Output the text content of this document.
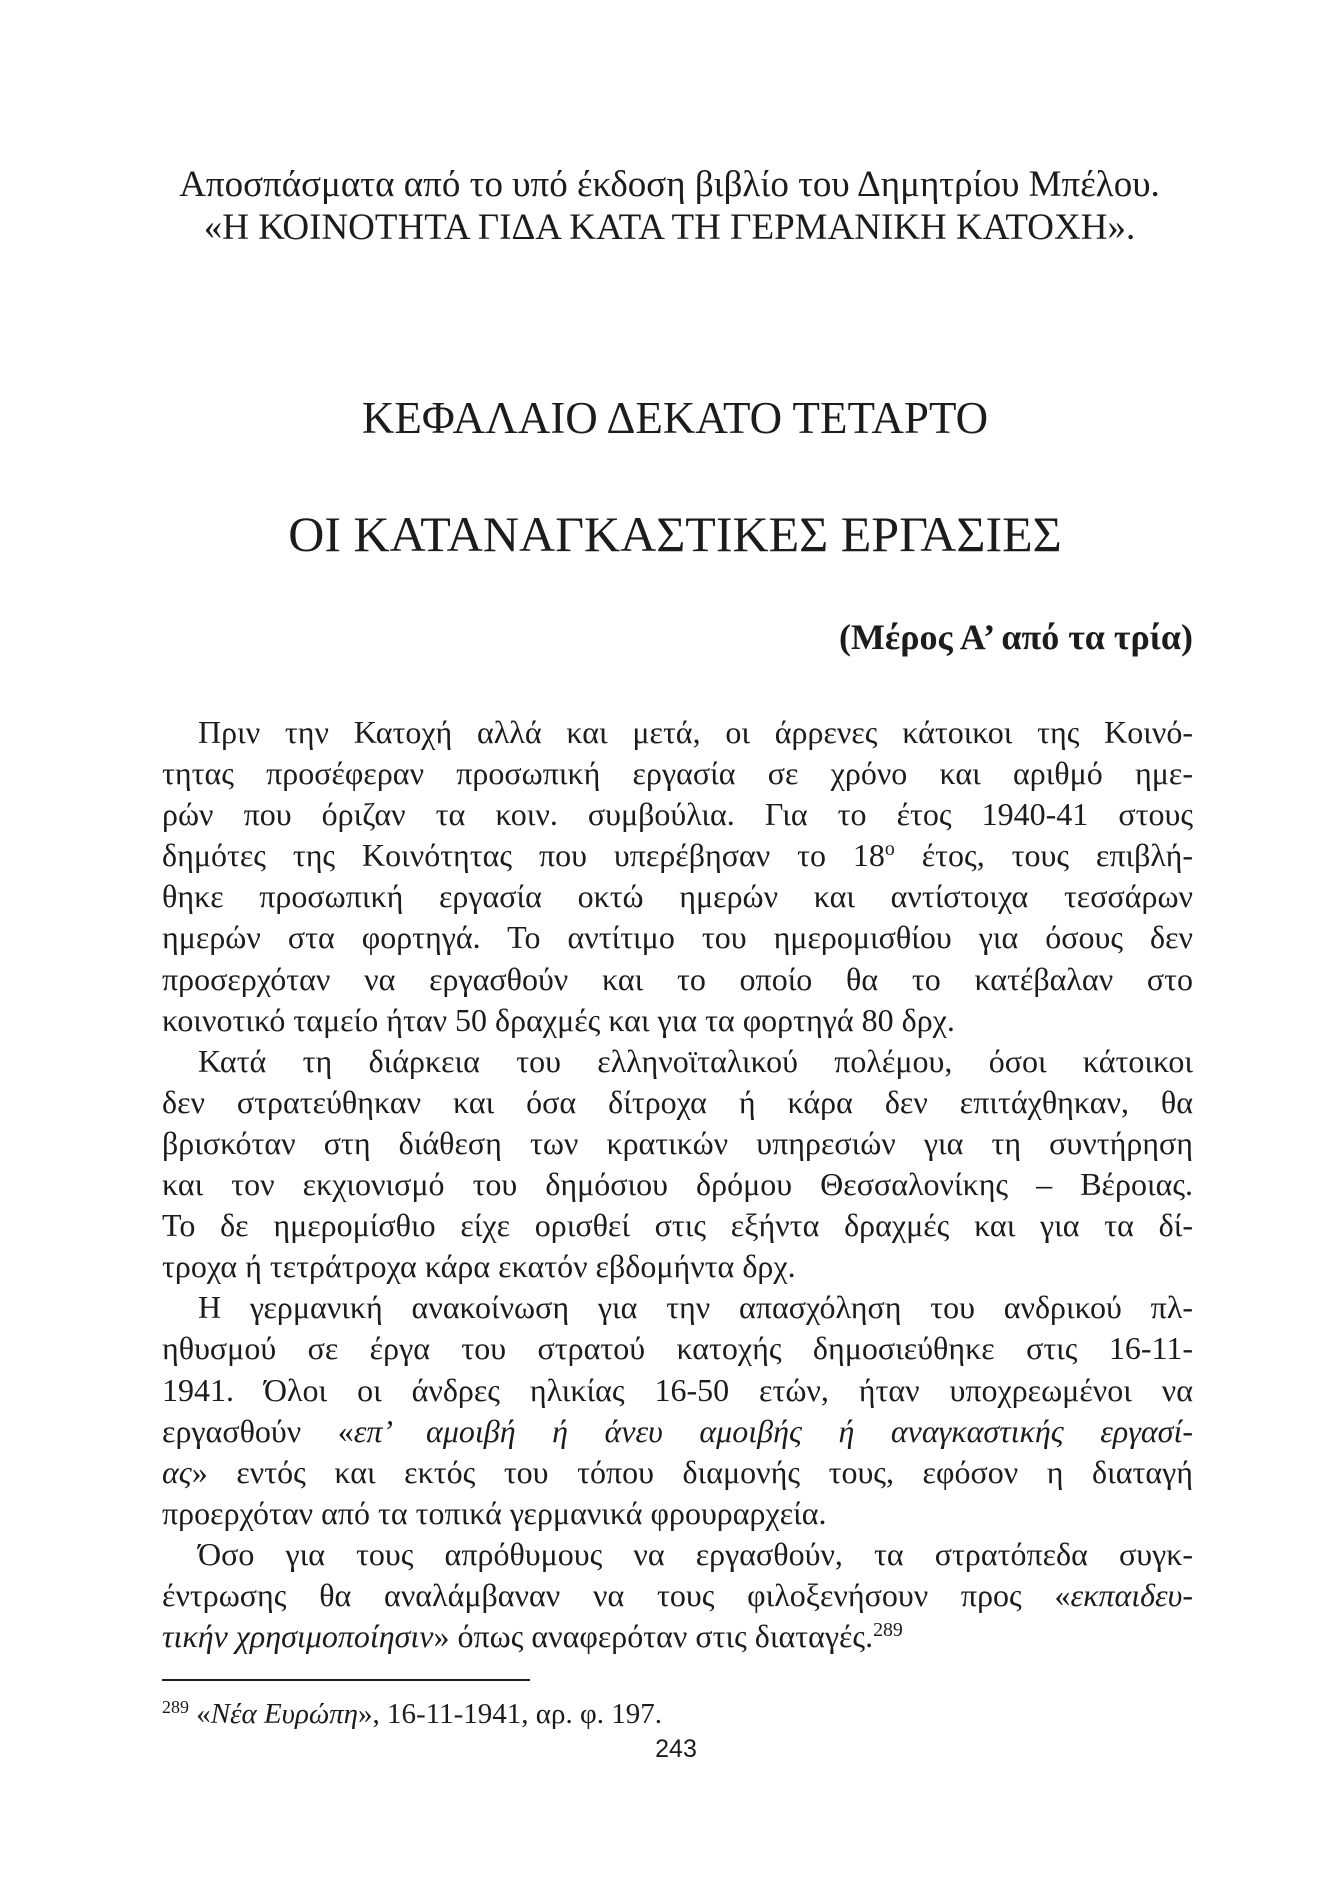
Αποσπάσματα από το υπό έκδοση βιβλίο του Δημητρίου Μπέλου.
«Η ΚΟΙΝΟΤΗΤΑ ΓΙΔΑ ΚΑΤΑ ΤΗ ΓΕΡΜΑΝΙΚΗ ΚΑΤΟΧΗ».
ΚΕΦΑΛΑΙΟ ΔΕΚΑΤΟ ΤΕΤΑΡΤΟ
ΟΙ ΚΑΤΑΝΑΓΚΑΣΤΙΚΕΣ ΕΡΓΑΣΙΕΣ
(Μέρος Α’ από τα τρία)
Πριν την Κατοχή αλλά και μετά, οι άρρενες κάτοικοι της Κοινό-
τητας προσέφεραν προσωπική εργασία σε χρόνο και αριθμό ημε-
ρών που όριζαν τα κοιν. συμβούλια. Για το έτος 1940-41 στους
δημότες της Κοινότητας που υπερέβησαν το $18^o$ έτος, τους επιβλή-
θηκε προσωπική εργασία οκτώ ημερών και αντίστοιχα τεσσάρων
ημερών στα φορτηγά. Το αντίτιμο του ημερομισθίου για όσους δεν
προσερχόταν να εργασθούν και το οποίο θα το κατέβαλαν στο
κοινοτικό ταμείο ήταν 50 δραχμές και για τα φορτηγά 80 δρχ.
Κατά τη διάρκεια του ελληνοϊταλικού πολέμου, όσοι κάτοικοι
δεν στρατεύθηκαν και όσα δίτροχα ή κάρα δεν επιτάχθηκαν, θα
βρισκόταν στη διάθεση των κρατικών υπηρεσιών για τη συντήρηση
και τον εκχιονισμό του δημόσιου δρόμου Θεσσαλονίκης – Βέροιας.
Το δε ημερομίσθιο είχε ορισθεί στις εξήντα δραχμές και για τα δί-
τροχα ή τετράτροχα κάρα εκατόν εβδομήντα δρχ.
Η γερμανική ανακοίνωση για την απασχόληση του ανδρικού πλ-
ηθυσμού σε έργα του στρατού κατοχής δημοσιεύθηκε στις 16-11-
1941. Όλοι οι άνδρες ηλικίας 16-50 ετών, ήταν υποχρεωμένοι να
εργασθούν «επ’ αμοιβή ή άνευ αμοιβής ή αναγκαστικής εργασί-
ας» εντός και εκτός του τόπου διαμονής τους, εφόσον η διαταγή
προερχόταν από τα τοπικά γερμανικά φρουραρχεία.
Όσο για τους απρόθυμους να εργασθούν, τα στρατόπεδα συγκ-
έντρωσης θα αναλάμβαναν να τους φιλοξενήσουν προς «εκπαιδευ-
τικήν χρησιμοποίησιν» όπως αναφερόταν στις διαταγές.$^{289}$
$^{289}$ «Νέα Ευρώπη», 16-11-1941, αρ. φ. 197.
243
